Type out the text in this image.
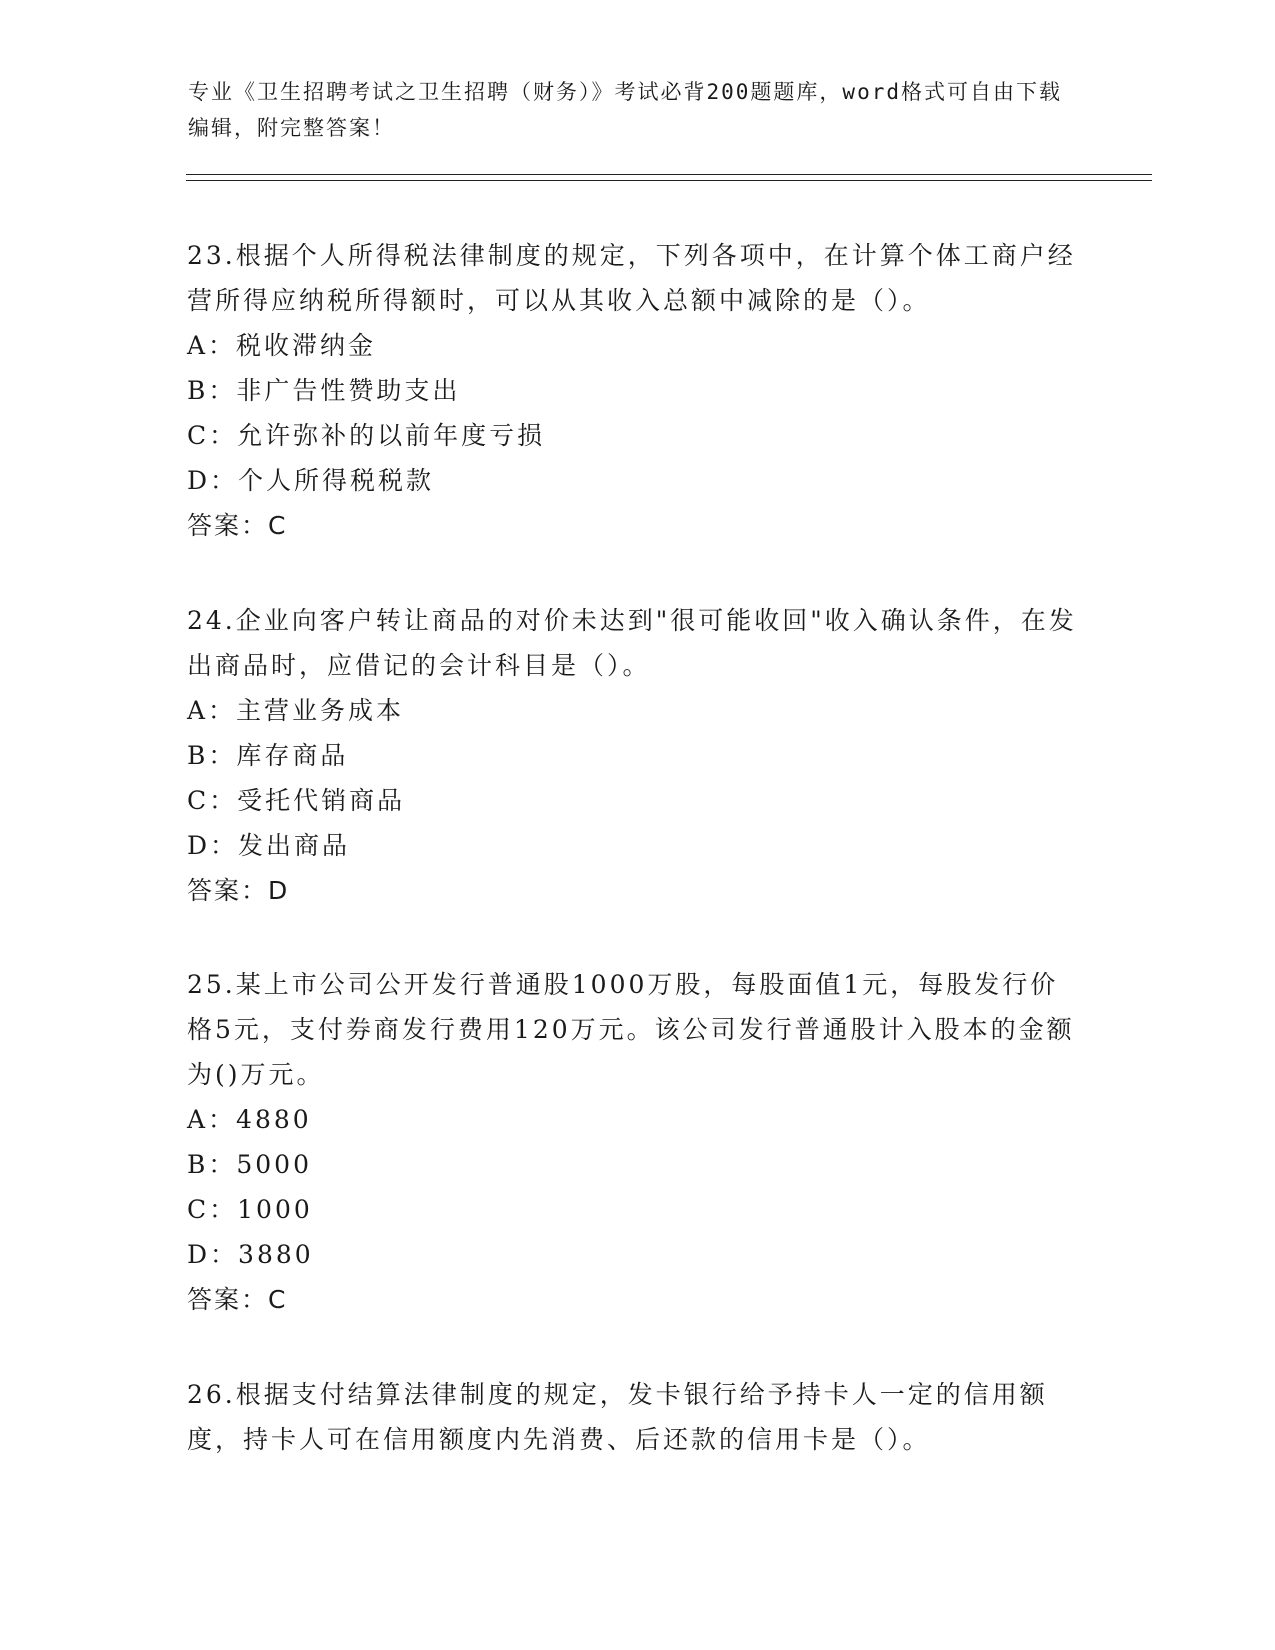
专业《卫生招聘考试之卫生招聘（财务）》考试必背200题题库，word格式可自由下载编辑，附完整答案！
23.根据个人所得税法律制度的规定，下列各项中，在计算个体工商户经营所得应纳税所得额时，可以从其收入总额中减除的是（）。
A：税收滞纳金
B：非广告性赞助支出
C：允许弥补的以前年度亏损
D：个人所得税税款
答案：C
24.企业向客户转让商品的对价未达到"很可能收回"收入确认条件，在发出商品时，应借记的会计科目是（）。
A：主营业务成本
B：库存商品
C：受托代销商品
D：发出商品
答案：D
25.某上市公司公开发行普通股1000万股，每股面值1元，每股发行价格5元，支付券商发行费用120万元。该公司发行普通股计入股本的金额为()万元。
A：4880
B：5000
C：1000
D：3880
答案：C
26.根据支付结算法律制度的规定，发卡银行给予持卡人一定的信用额度，持卡人可在信用额度内先消费、后还款的信用卡是（）。
